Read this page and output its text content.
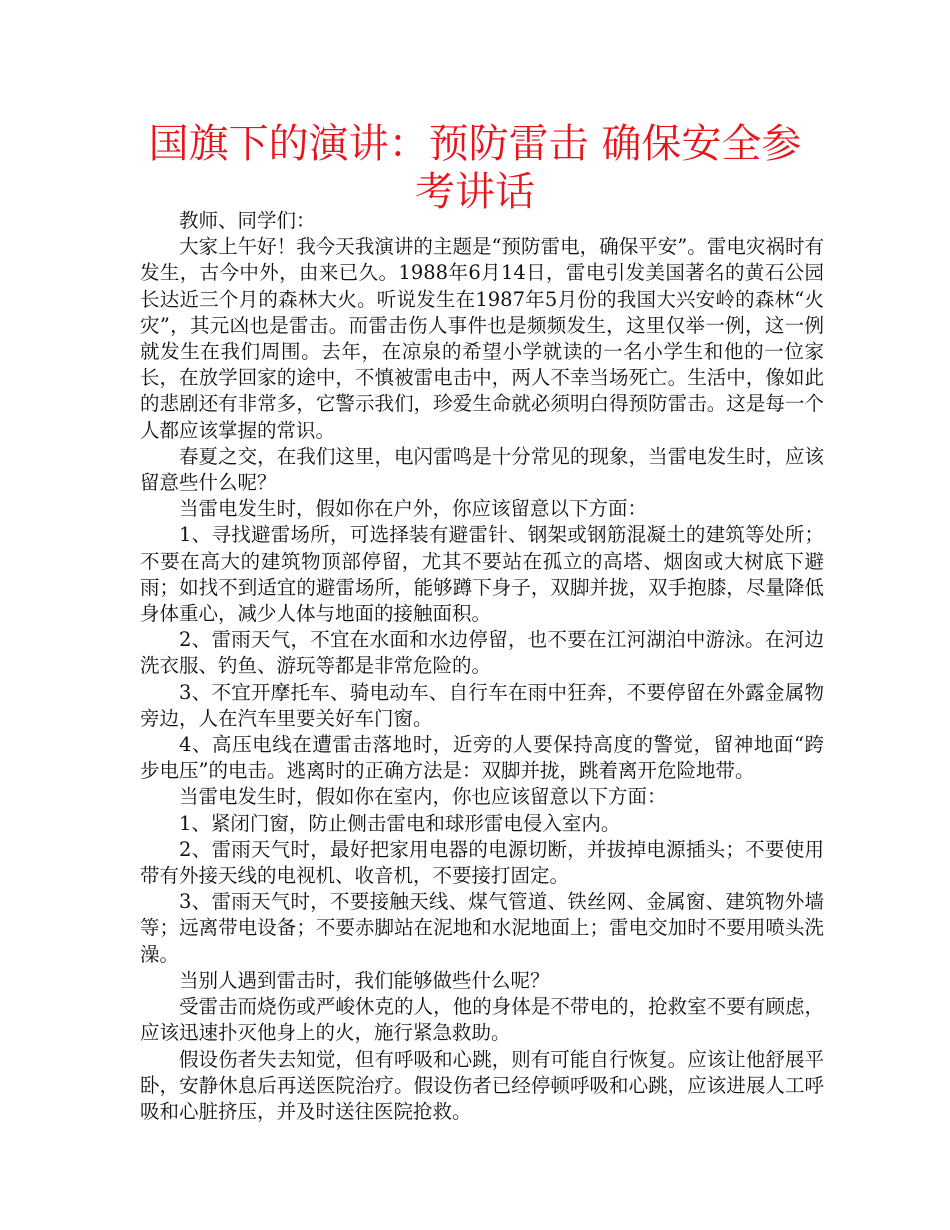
国旗下的演讲：预防雷击 确保安全参考讲话

教师、同学们：

大家上午好！我今天我演讲的主题是“预防雷电，确保平安”。雷电灾祸时有发生，古今中外，由来已久。1988年6月14日，雷电引发美国著名的黄石公园长达近三个月的森林大火。听说发生在1987年5月份的我国大兴安岭的森林“火灾”，其元凶也是雷击。而雷击伤人事件也是频频发生，这里仅举一例，这一例就发生在我们周围。去年，在凉泉的希望小学就读的一名小学生和他的一位家长，在放学回家的途中，不慎被雷电击中，两人不幸当场死亡。生活中，像如此的悲剧还有非常多，它警示我们，珍爱生命就必须明白得预防雷击。这是每一个人都应该掌握的常识。

春夏之交，在我们这里，电闪雷鸣是十分常见的现象，当雷电发生时，应该留意些什么呢？

当雷电发生时，假如你在户外，你应该留意以下方面：

1、寻找避雷场所，可选择装有避雷针、钢架或钢筋混凝土的建筑等处所；不要在高大的建筑物顶部停留，尤其不要站在孤立的高塔、烟囱或大树底下避雨；如找不到适宜的避雷场所，能够蹲下身子，双脚并拢，双手抱膝，尽量降低身体重心，减少人体与地面的接触面积。

2、雷雨天气，不宜在水面和水边停留，也不要在江河湖泊中游泳。在河边洗衣服、钓鱼、游玩等都是非常危险的。

3、不宜开摩托车、骑电动车、自行车在雨中狂奔，不要停留在外露金属物旁边，人在汽车里要关好车门窗。

4、高压电线在遭雷击落地时，近旁的人要保持高度的警觉，留神地面“跨步电压”的电击。逃离时的正确方法是：双脚并拢，跳着离开危险地带。

当雷电发生时，假如你在室内，你也应该留意以下方面：

1、紧闭门窗，防止侧击雷电和球形雷电侵入室内。

2、雷雨天气时，最好把家用电器的电源切断，并拔掉电源插头；不要使用带有外接天线的电视机、收音机，不要接打固定。

3、雷雨天气时，不要接触天线、煤气管道、铁丝网、金属窗、建筑物外墙等；远离带电设备；不要赤脚站在泥地和水泥地面上；雷电交加时不要用喷头洗澡。

当别人遇到雷击时，我们能够做些什么呢？

受雷击而烧伤或严峻休克的人，他的身体是不带电的，抢救室不要有顾虑，应该迅速扑灭他身上的火，施行紧急救助。

假设伤者失去知觉，但有呼吸和心跳，则有可能自行恢复。应该让他舒展平卧，安静休息后再送医院治疗。假设伤者已经停顿呼吸和心跳，应该进展人工呼吸和心脏挤压，并及时送往医院抢救。
